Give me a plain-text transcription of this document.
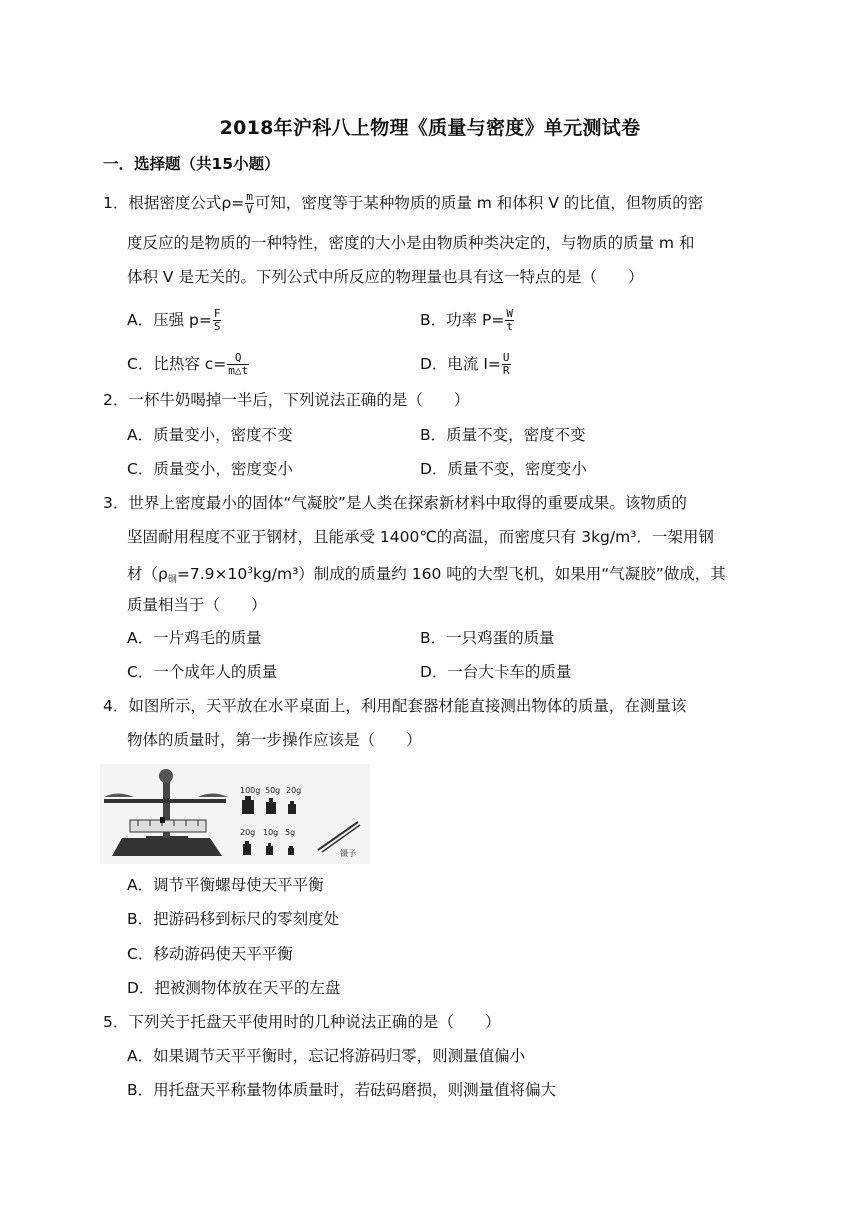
2018年沪科八上物理《质量与密度》单元测试卷
一．选择题（共15小题）
1．根据密度公式$\rho= \frac{m}{V}$ 可知，密度等于某种物质的质量 m 和体积 V 的比值，但物质的密
度反应的是物质的一种特性，密度的大小是由物质种类决定的，与物质的质量 m 和
体积 V 是无关的。下列公式中所反应的物理量也具有这一特点的是（　　）
A．压强 $p= \frac{F}{S}$	B．功率 $P= \frac{W}{t}$
C．比热容 $c= \frac{Q}{m\triangle t}$	D．电流 $I= \frac{U}{R}$
2．一杯牛奶喝掉一半后，下列说法正确的是（　　）
A．质量变小，密度不变	B．质量不变，密度不变
C．质量变小，密度变小	D．质量不变，密度变小
3．世界上密度最小的固体“气凝胶”是人类在探索新材料中取得的重要成果。该物质的
坚固耐用程度不亚于钢材，且能承受 1400℃的高温，而密度只有 3kg/m³．一架用钢
材$(\rho_钢=7.9\times 10^3kg/m^3)$制成的质量约 160 吨的大型飞机，如果用“气凝胶”做成，其
质量相当于（　　）
A．一片鸡毛的质量	B．一只鸡蛋的质量
C．一个成年人的质量	D．一台大卡车的质量
4．如图所示，天平放在水平桌面上，利用配套器材能直接测出物体的质量，在测量该
物体的质量时，第一步操作应该是（　　）
100g 50g 20g
20g 10g 5g
镊子
A．调节平衡螺母使天平平衡
B．把游码移到标尺的零刻度处
C．移动游码使天平平衡
D．把被测物体放在天平的左盘
5．下列关于托盘天平使用时的几种说法正确的是（　　）
A．如果调节天平平衡时，忘记将游码归零，则测量值偏小
B．用托盘天平称量物体质量时，若砝码磨损，则测量值将偏大
